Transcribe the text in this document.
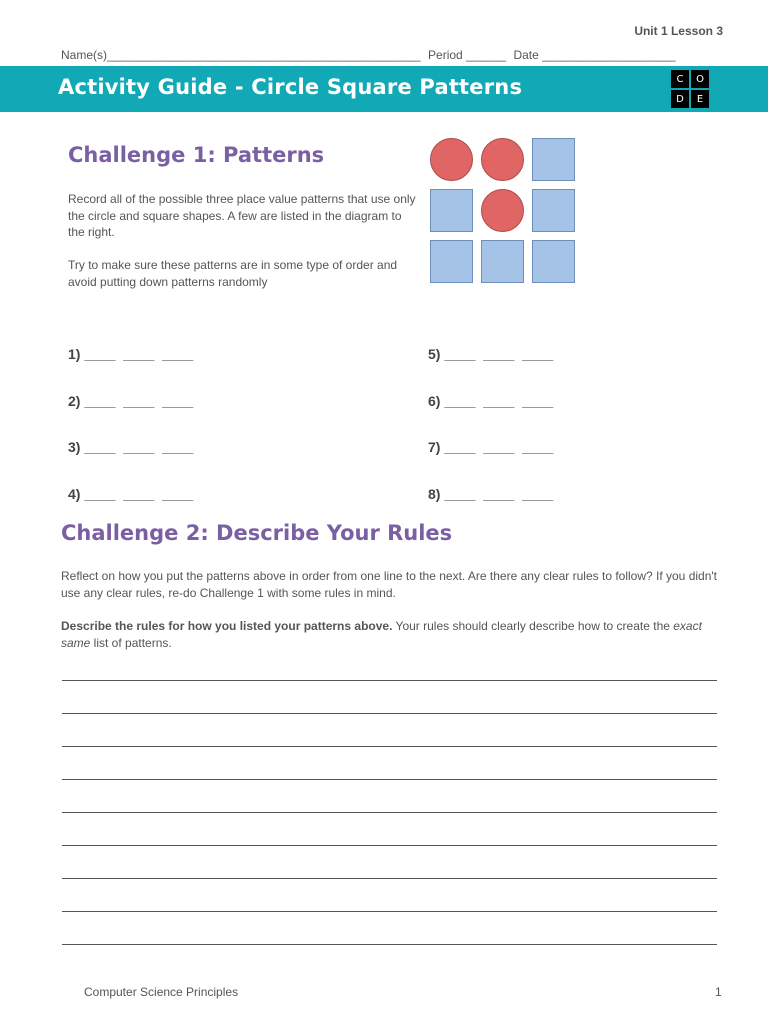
Unit 1 Lesson 3
Name(s)_______________________________________________ Period ______ Date ____________________
Activity Guide - Circle Square Patterns	C	O
D	E
Challenge 1: Patterns
Record all of the possible three place value patterns that use only the circle and square shapes. A few are listed in the diagram to the right.
Try to make sure these patterns are in some type of order and avoid putting down patterns randomly
1) ____  ____  ____
2) ____  ____  ____
3) ____  ____  ____
4) ____  ____  ____
5) ____  ____  ____
6) ____  ____  ____
7) ____  ____  ____
8) ____  ____  ____
Challenge 2: Describe Your Rules
Reflect on how you put the patterns above in order from one line to the next. Are there any clear rules to follow? If you didn't use any clear rules, re-do Challenge 1 with some rules in mind.
Describe the rules for how you listed your patterns above. Your rules should clearly describe how to create the exact same list of patterns.
Computer Science Principles	1
